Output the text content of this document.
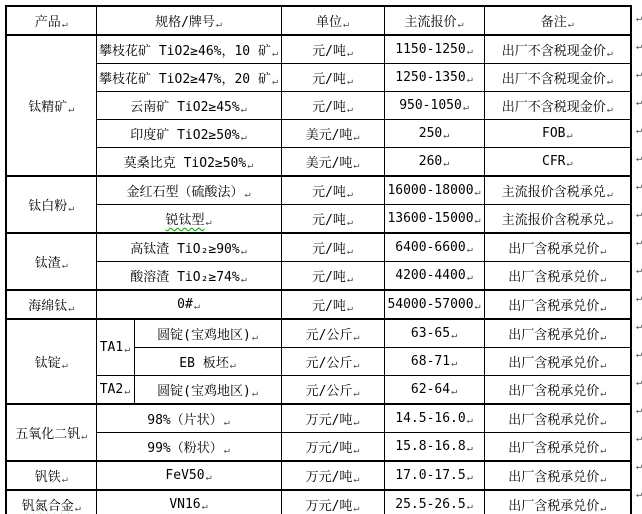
产品↵	规格/牌号↵		单位↵	主流报价↵	备注↵
钛精矿↵	攀枝花矿 TiO2≥46%，10 矿↵		元/吨↵	1150-1250↵	出厂不含税现金价↵
	攀枝花矿 TiO2≥47%，20 矿↵		元/吨↵	1250-1350↵	出厂不含税现金价↵
	云南矿 TiO2≥45%↵		元/吨↵	950-1050↵	出厂不含税现金价↵
	印度矿 TiO2≥50%↵		美元/吨↵	250↵	FOB↵
	莫桑比克 TiO2≥50%↵		美元/吨↵	260↵	CFR↵
钛白粉↵	金红石型（硫酸法）↵		元/吨↵	16000-18000↵	主流报价含税承兑↵
	锐钛型↵		元/吨↵	13600-15000↵	主流报价含税承兑↵
钛渣↵	高钛渣 TiO₂≥90%↵		元/吨↵	6400-6600↵	出厂含税承兑价↵
	酸溶渣 TiO₂≥74%↵		元/吨↵	4200-4400↵	出厂含税承兑价↵
海绵钛↵	0#↵		元/吨↵	54000-57000↵	出厂含税承兑价↵
钛锭↵	TA1↵	圆锭(宝鸡地区)↵	元/公斤↵	63-65↵	出厂含税承兑价↵
		EB 板坯↵	元/公斤↵	68-71↵	出厂含税承兑价↵
	TA2↵	圆锭(宝鸡地区)↵	元/公斤↵	62-64↵	出厂含税承兑价↵
五氧化二钒↵	98%（片状）↵		万元/吨↵	14.5-16.0↵	出厂含税承兑价↵
	99%（粉状）↵		万元/吨↵	15.8-16.8↵	出厂含税承兑价↵
钒铁↵	FeV50↵		万元/吨↵	17.0-17.5↵	出厂含税承兑价↵
钒氮合金↵	VN16↵		万元/吨↵	25.5-26.5↵	出厂含税承兑价↵
↵
↵
↵
↵
↵
↵
↵
↵
↵
↵
↵
↵
↵
↵
↵
↵
↵
↵
